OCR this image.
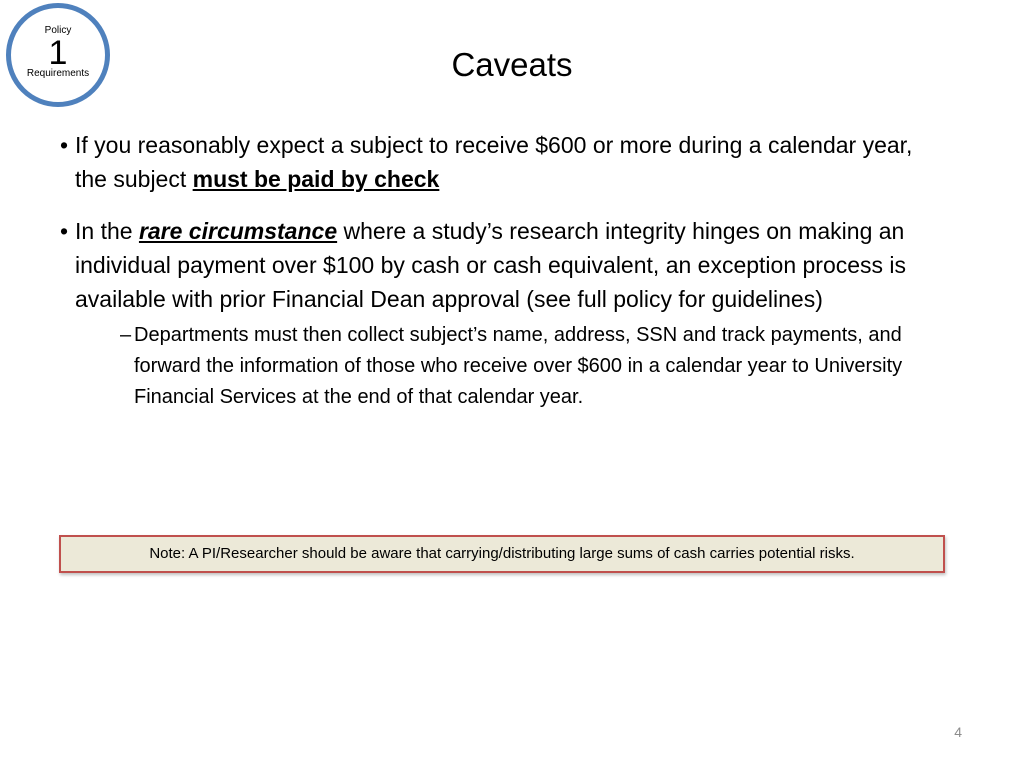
Policy
1
Requirements	Caveats
• If you reasonably expect a subject to receive $600 or more during a calendar year, the subject must be paid by check
• In the rare circumstance where a study’s research integrity hinges on making an individual payment over $100 by cash or cash equivalent, an exception process is available with prior Financial Dean approval (see full policy for guidelines)
– Departments must then collect subject’s name, address, SSN and track payments, and forward the information of those who receive over $600 in a calendar year to University Financial Services at the end of that calendar year.
Note: A PI/Researcher should be aware that carrying/distributing large sums of cash carries potential risks.
4
